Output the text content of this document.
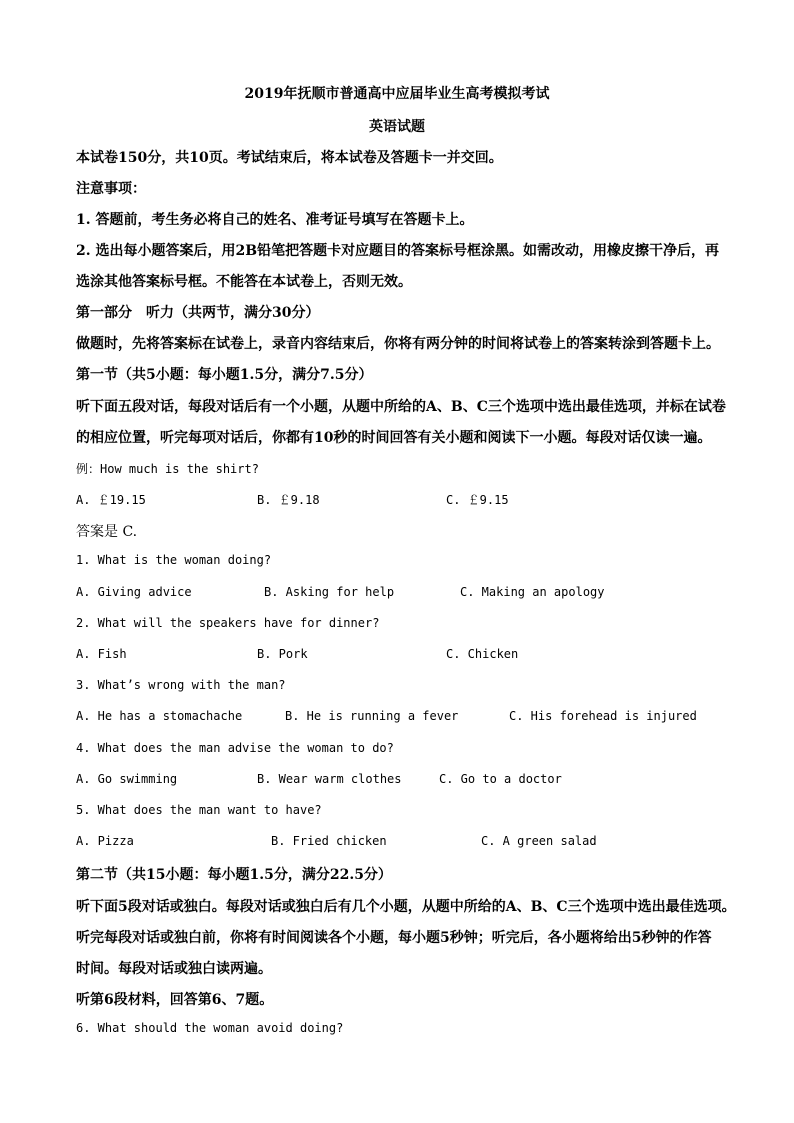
2019年抚顺市普通高中应届毕业生高考模拟考试
英语试题
本试卷150分，共10页。考试结束后，将本试卷及答题卡一并交回。
注意事项：
1. 答题前，考生务必将自己的姓名、准考证号填写在答题卡上。
2. 选出每小题答案后，用2B铅笔把答题卡对应题目的答案标号框涂黑。如需改动，用橡皮擦干净后，再
选涂其他答案标号框。不能答在本试卷上，否则无效。
第一部分　听力（共两节，满分30分）
做题时，先将答案标在试卷上，录音内容结束后，你将有两分钟的时间将试卷上的答案转涂到答题卡上。
第一节（共5小题：每小题1.5分，满分7.5分）
听下面五段对话，每段对话后有一个小题，从题中所给的A、B、C三个选项中选出最佳选项，并标在试卷
的相应位置，听完每项对话后，你都有10秒的时间回答有关小题和阅读下一小题。每段对话仅读一遍。
例：How much is the shirt?
A. ￡19.15	B. ￡9.18	C. ￡9.15
答案是 C.
1. What is the woman doing?
A. Giving advice	B. Asking for help	C. Making an apology
2. What will the speakers have for dinner?
A. Fish	B. Pork	C. Chicken
3. What’s wrong with the man?
A. He has a stomachache	B. He is running a fever	C. His forehead is injured
4. What does the man advise the woman to do?
A. Go swimming	B. Wear warm clothes	C. Go to a doctor
5. What does the man want to have?
A. Pizza	B. Fried chicken	C. A green salad
第二节（共15小题：每小题1.5分，满分22.5分）
听下面5段对话或独白。每段对话或独白后有几个小题，从题中所给的A、B、C三个选项中选出最佳选项。
听完每段对话或独白前，你将有时间阅读各个小题，每小题5秒钟；听完后，各小题将给出5秒钟的作答
时间。每段对话或独白读两遍。
听第6段材料，回答第6、7题。
6. What should the woman avoid doing?
